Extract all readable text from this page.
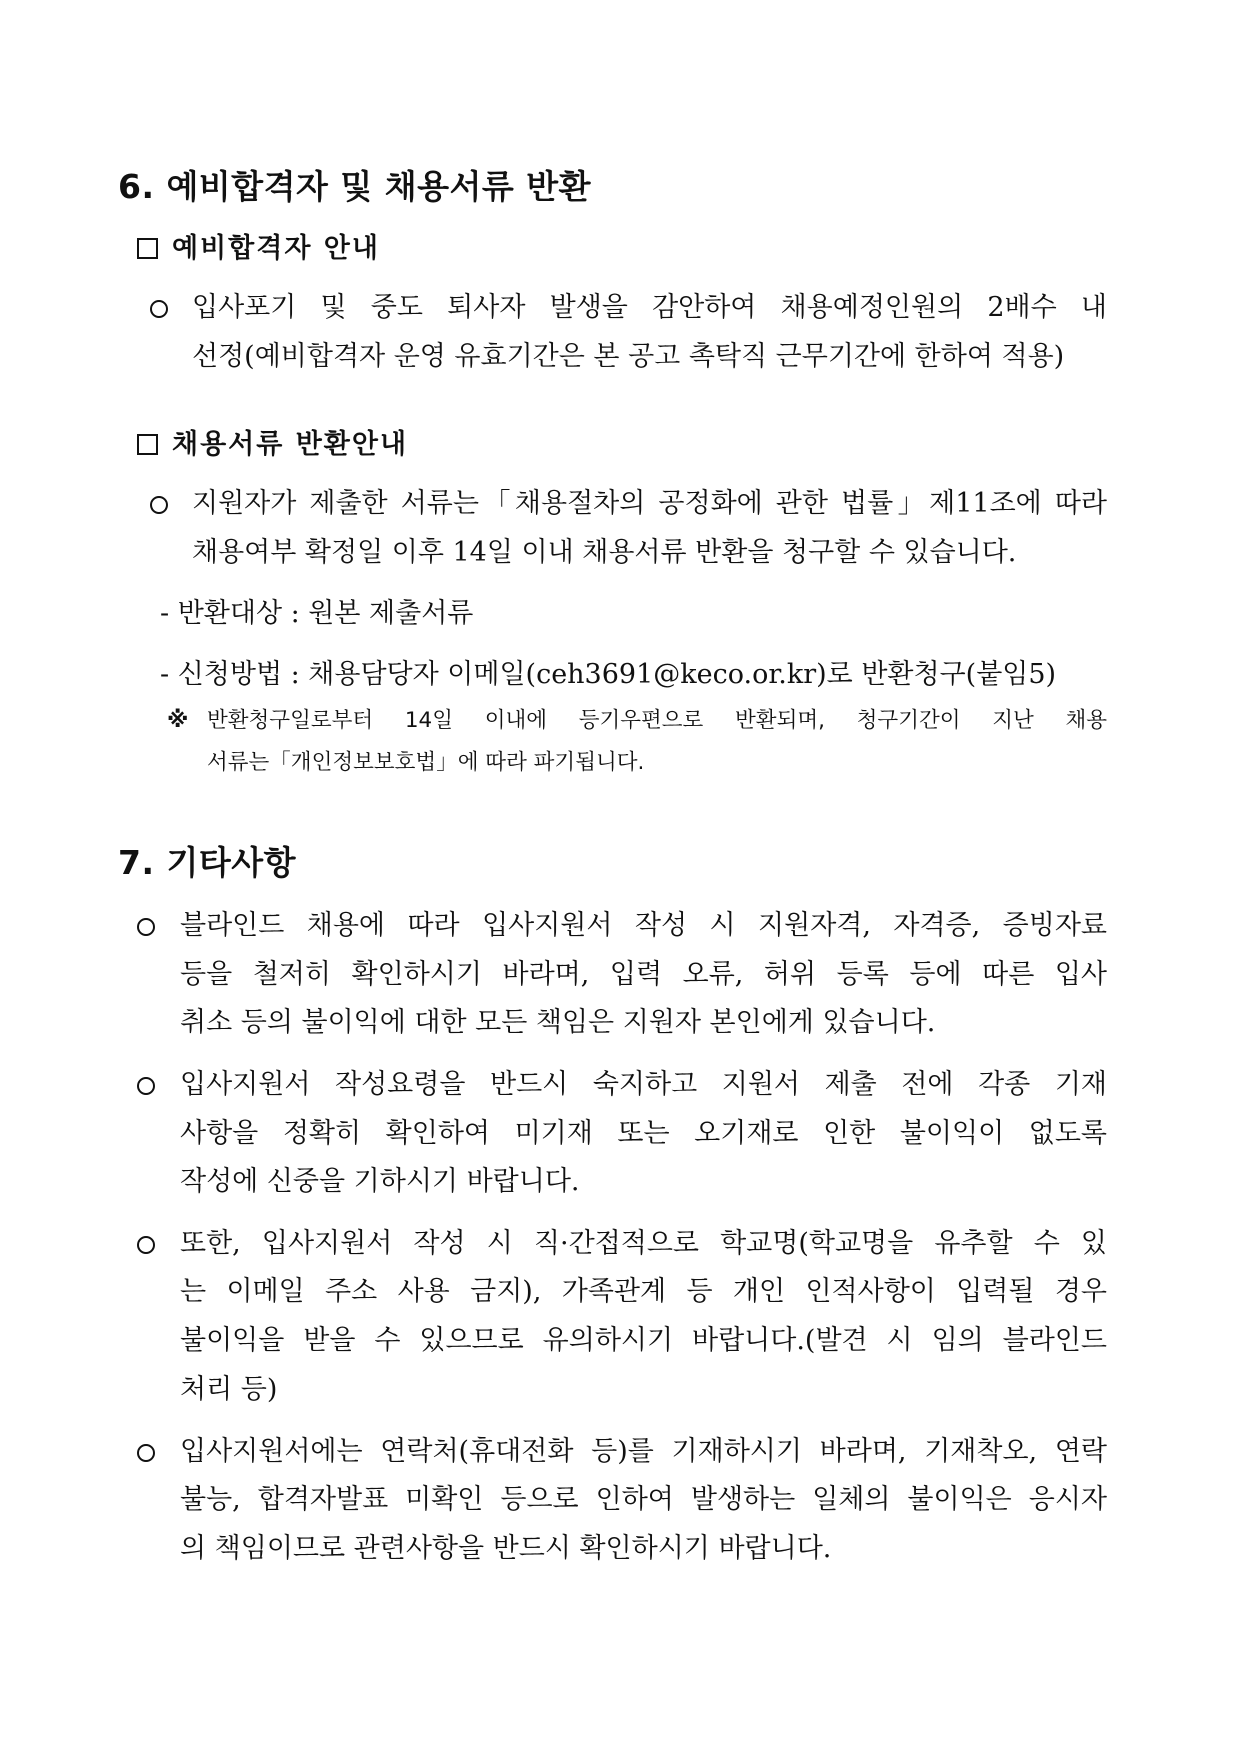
6. 예비합격자 및 채용서류 반환
예비합격자 안내
입사포기 및 중도 퇴사자 발생을 감안하여 채용예정인원의 2배수 내
선정(예비합격자 운영 유효기간은 본 공고 촉탁직 근무기간에 한하여 적용)
채용서류 반환안내
지원자가 제출한 서류는「채용절차의 공정화에 관한 법률」제11조에 따라
채용여부 확정일 이후 14일 이내 채용서류 반환을 청구할 수 있습니다.
- 반환대상 : 원본 제출서류
- 신청방법 : 채용담당자 이메일(ceh3691@keco.or.kr)로 반환청구(붙임5)
※ 반환청구일로부터 14일 이내에 등기우편으로 반환되며, 청구기간이 지난 채용
서류는「개인정보보호법」에 따라 파기됩니다.
7. 기타사항
블라인드 채용에 따라 입사지원서 작성 시 지원자격, 자격증, 증빙자료
등을 철저히 확인하시기 바라며, 입력 오류, 허위 등록 등에 따른 입사
취소 등의 불이익에 대한 모든 책임은 지원자 본인에게 있습니다.
입사지원서 작성요령을 반드시 숙지하고 지원서 제출 전에 각종 기재
사항을 정확히 확인하여 미기재 또는 오기재로 인한 불이익이 없도록
작성에 신중을 기하시기 바랍니다.
또한, 입사지원서 작성 시 직·간접적으로 학교명(학교명을 유추할 수 있
는 이메일 주소 사용 금지), 가족관계 등 개인 인적사항이 입력될 경우
불이익을 받을 수 있으므로 유의하시기 바랍니다.(발견 시 임의 블라인드
처리 등)
입사지원서에는 연락처(휴대전화 등)를 기재하시기 바라며, 기재착오, 연락
불능, 합격자발표 미확인 등으로 인하여 발생하는 일체의 불이익은 응시자
의 책임이므로 관련사항을 반드시 확인하시기 바랍니다.
